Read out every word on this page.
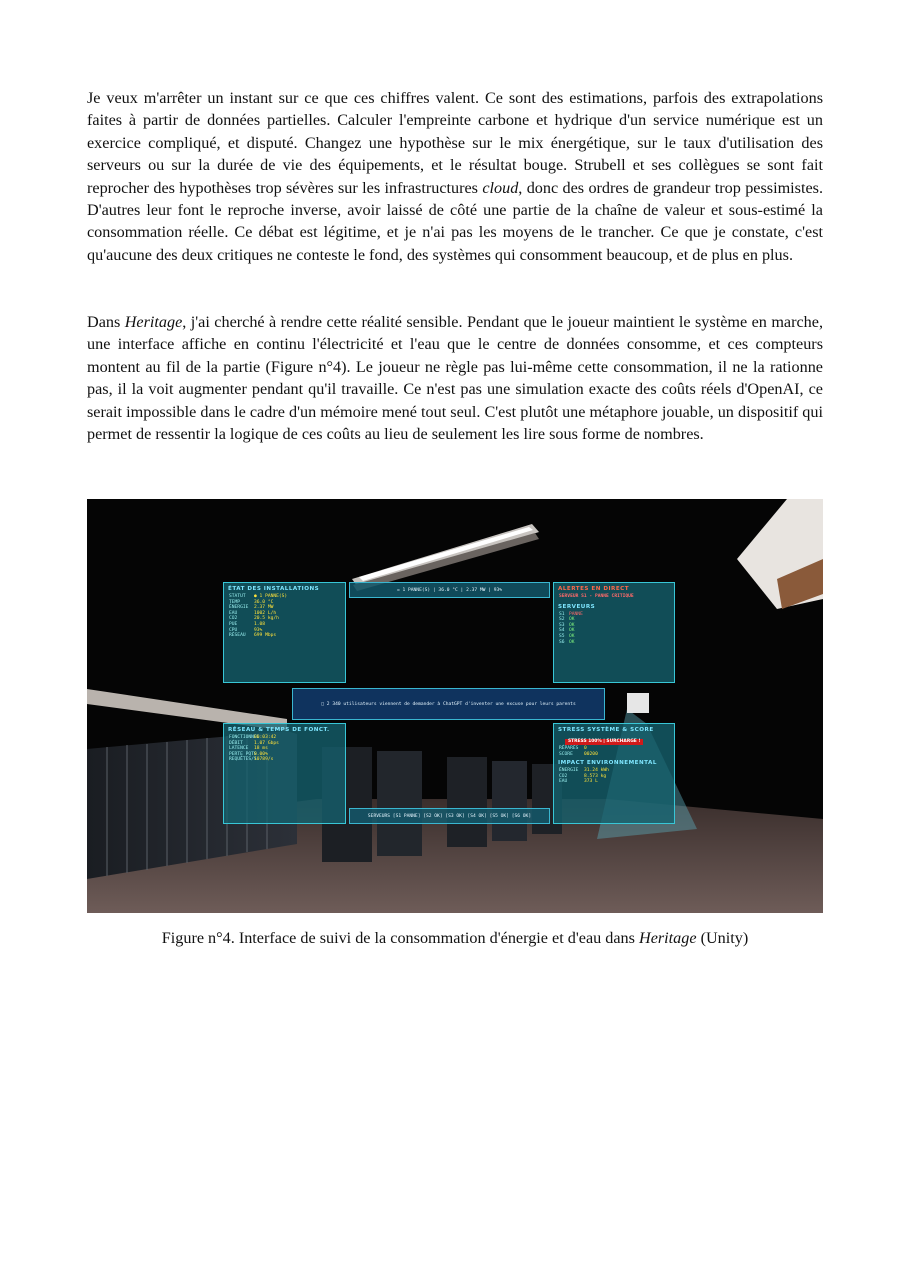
Je veux m'arrêter un instant sur ce que ces chiffres valent. Ce sont des estimations, parfois des extrapolations faites à partir de données partielles. Calculer l'empreinte carbone et hydrique d'un service numérique est un exercice compliqué, et disputé. Changez une hypothèse sur le mix énergétique, sur le taux d'utilisation des serveurs ou sur la durée de vie des équipements, et le résultat bouge. Strubell et ses collègues se sont fait reprocher des hypothèses trop sévères sur les infrastructures cloud, donc des ordres de grandeur trop pessimistes. D'autres leur font le reproche inverse, avoir laissé de côté une partie de la chaîne de valeur et sous-estimé la consommation réelle. Ce débat est légitime, et je n'ai pas les moyens de le trancher. Ce que je constate, c'est qu'aucune des deux critiques ne conteste le fond, des systèmes qui consomment beaucoup, et de plus en plus.

Dans Heritage, j'ai cherché à rendre cette réalité sensible. Pendant que le joueur maintient le système en marche, une interface affiche en continu l'électricité et l'eau que le centre de données consomme, et ces compteurs montent au fil de la partie (Figure n°4). Le joueur ne règle pas lui-même cette consommation, il ne la rationne pas, il la voit augmenter pendant qu'il travaille. Ce n'est pas une simulation exacte des coûts réels d'OpenAI, ce serait impossible dans le cadre d'un mémoire mené tout seul. C'est plutôt une métaphore jouable, un dispositif qui permet de ressentir la logique de ces coûts au lieu de seulement les lire sous forme de nombres.

ÉTAT DES INSTALLATIONS
STATUT	● 1 PANNE(S)
TEMP	36.0 °C
ÉNERGIE	2.37 MW
EAU	1002 L/h
CO2	20.5 kg/h
PUE	1.08
CPU	93%
RÉSEAU	699 Mbps
= 1 PANNE(S) | 36.0 °C | 2.37 MW | 93%	ALERTES EN DIRECT
SERVEUR S1 - PANNE CRITIQUE
SERVEURS
S1 PANNE
S2 OK
S3 OK
S4 OK
S5 OK
S6 OK
□ 2 340 utilisateurs viennent de demander à ChatGPT d'inventer une excuse pour leurs parents
RÉSEAU & TEMPS DE FONCT.
FONCTIONNEL
00:03:42
DÉBIT	1.07 Gbps
LATENCE	18 ms
PERTE PQTS
0.00%
REQUÊTES/S
10789/s
STRESS SYSTÈME & SCORE
STRESS 100% | SURCHARGE !
RÉPARÉS	0
SCORE	00200
IMPACT ENVIRONNEMENTAL
ÉNERGIE	31.24 kWh
CO2	8.573 kg
EAU	373 L
SERVEURS [S1 PANNE] [S2 OK] [S3 OK] [S4 OK] [S5 OK] [S6 OK]
Figure n°4. Interface de suivi de la consommation d'énergie et d'eau dans Heritage (Unity)
